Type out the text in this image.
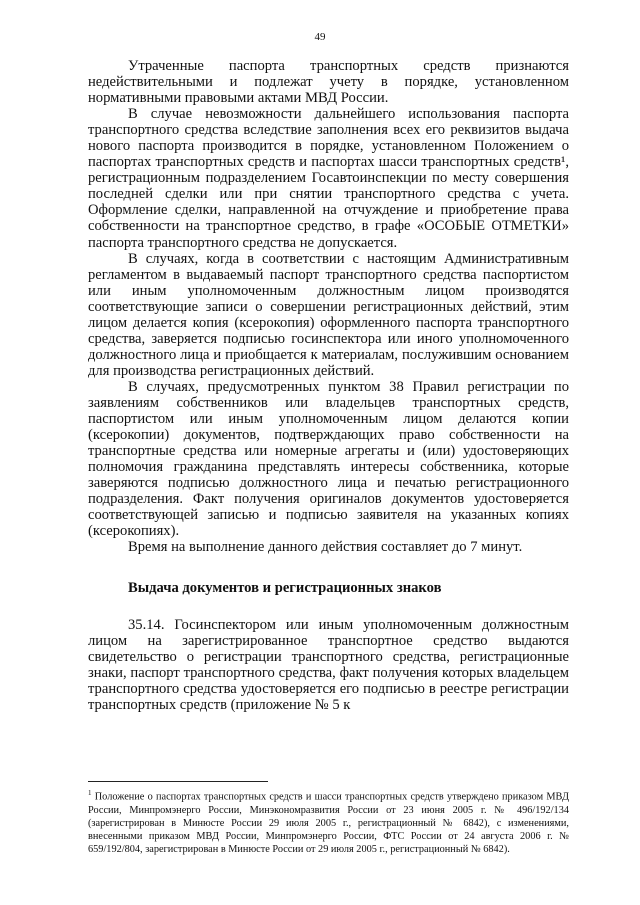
49

Утраченные паспорта транспортных средств признаются недействительными и подлежат учету в порядке, установленном нормативными правовыми актами МВД России.

В случае невозможности дальнейшего использования паспорта транспортного средства вследствие заполнения всех его реквизитов выдача нового паспорта производится в порядке, установленном Положением о паспортах транспортных средств и паспортах шасси транспортных средств¹, регистрационным подразделением Госавтоинспекции по месту совершения последней сделки или при снятии транспортного средства с учета. Оформление сделки, направленной на отчуждение и приобретение права собственности на транспортное средство, в графе «ОСОБЫЕ ОТМЕТКИ» паспорта транспортного средства не допускается.

В случаях, когда в соответствии с настоящим Административным регламентом в выдаваемый паспорт транспортного средства паспортистом или иным уполномоченным должностным лицом производятся соответствующие записи о совершении регистрационных действий, этим лицом делается копия (ксерокопия) оформленного паспорта транспортного средства, заверяется подписью госинспектора или иного уполномоченного должностного лица и приобщается к материалам, послужившим основанием для производства регистрационных действий.

В случаях, предусмотренных пунктом 38 Правил регистрации по заявлениям собственников или владельцев транспортных средств, паспортистом или иным уполномоченным лицом делаются копии (ксерокопии) документов, подтверждающих право собственности на транспортные средства или номерные агрегаты и (или) удостоверяющих полномочия гражданина представлять интересы собственника, которые заверяются подписью должностного лица и печатью регистрационного подразделения. Факт получения оригиналов документов удостоверяется соответствующей записью и подписью заявителя на указанных копиях (ксерокопиях).

Время на выполнение данного действия составляет до 7 минут.

Выдача документов и регистрационных знаков

35.14. Госинспектором или иным уполномоченным должностным лицом на зарегистрированное транспортное средство выдаются свидетельство о регистрации транспортного средства, регистрационные знаки, паспорт транспортного средства, факт получения которых владельцем транспортного средства удостоверяется его подписью в реестре регистрации транспортных средств (приложение № 5 к

$^1$ Положение о паспортах транспортных средств и шасси транспортных средств утверждено приказом МВД России, Минпромэнерго России, Минэкономразвития России от 23 июня 2005 г. № 496/192/134 (зарегистрирован в Минюсте России 29 июля 2005 г., регистрационный № 6842), с изменениями, внесенными приказом МВД России, Минпромэнерго России, ФТС России от 24 августа 2006 г. № 659/192/804, зарегистрирован в Минюсте России от 29 июля 2005 г., регистрационный № 6842).
